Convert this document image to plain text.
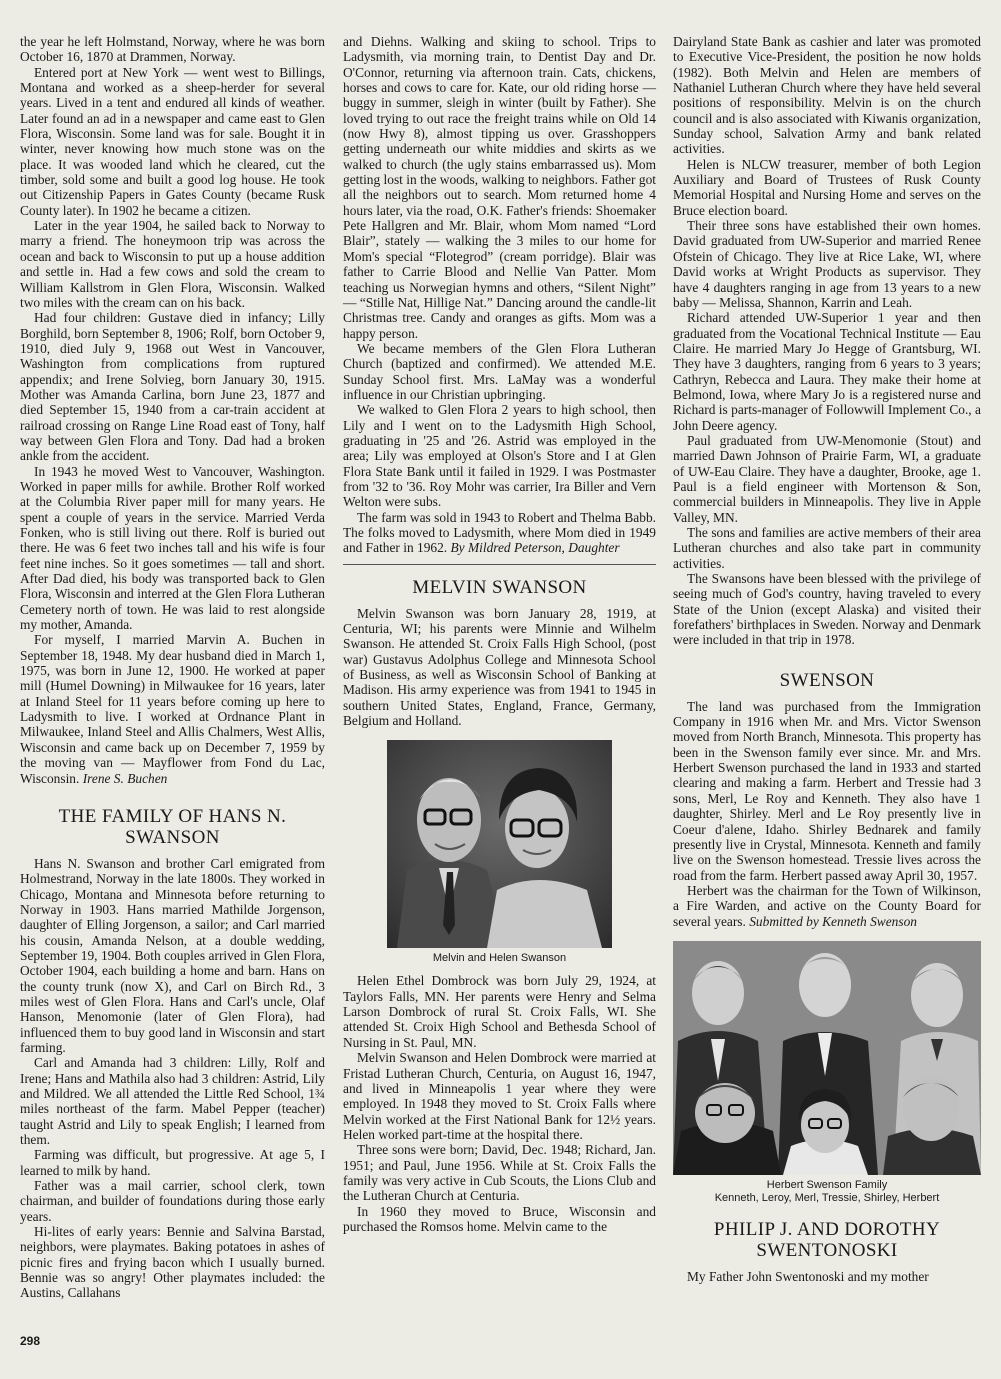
the year he left Holmstand, Norway, where he was born October 16, 1870 at Drammen, Norway.

Entered port at New York — went west to Billings, Montana and worked as a sheep-herder for several years. Lived in a tent and endured all kinds of weather. Later found an ad in a newspaper and came east to Glen Flora, Wisconsin. Some land was for sale. Bought it in winter, never knowing how much stone was on the place. It was wooded land which he cleared, cut the timber, sold some and built a good log house. He took out Citizenship Papers in Gates County (became Rusk County later). In 1902 he became a citizen.

Later in the year 1904, he sailed back to Norway to marry a friend. The honeymoon trip was across the ocean and back to Wisconsin to put up a house addition and settle in. Had a few cows and sold the cream to William Kallstrom in Glen Flora, Wisconsin. Walked two miles with the cream can on his back.

Had four children: Gustave died in infancy; Lilly Borghild, born September 8, 1906; Rolf, born October 9, 1910, died July 9, 1968 out West in Vancouver, Washington from complications from ruptured appendix; and Irene Solvieg, born January 30, 1915. Mother was Amanda Carlina, born June 23, 1877 and died September 15, 1940 from a car-train accident at railroad crossing on Range Line Road east of Tony, half way between Glen Flora and Tony. Dad had a broken ankle from the accident.

In 1943 he moved West to Vancouver, Washington. Worked in paper mills for awhile. Brother Rolf worked at the Columbia River paper mill for many years. He spent a couple of years in the service. Married Verda Fonken, who is still living out there. Rolf is buried out there. He was 6 feet two inches tall and his wife is four feet nine inches. So it goes sometimes — tall and short. After Dad died, his body was transported back to Glen Flora, Wisconsin and interred at the Glen Flora Lutheran Cemetery north of town. He was laid to rest alongside my mother, Amanda.

For myself, I married Marvin A. Buchen in September 18, 1948. My dear husband died in March 1, 1975, was born in June 12, 1900. He worked at paper mill (Humel Downing) in Milwaukee for 16 years, later at Inland Steel for 11 years before coming up here to Ladysmith to live. I worked at Ordnance Plant in Milwaukee, Inland Steel and Allis Chalmers, West Allis, Wisconsin and came back up on December 7, 1959 by the moving van — Mayflower from Fond du Lac, Wisconsin. Irene S. Buchen

THE FAMILY OF HANS N. SWANSON

Hans N. Swanson and brother Carl emigrated from Holmestrand, Norway in the late 1800s. They worked in Chicago, Montana and Minnesota before returning to Norway in 1903. Hans married Mathilde Jorgenson, daughter of Elling Jorgenson, a sailor; and Carl married his cousin, Amanda Nelson, at a double wedding, September 19, 1904. Both couples arrived in Glen Flora, October 1904, each building a home and barn. Hans on the county trunk (now X), and Carl on Birch Rd., 3 miles west of Glen Flora. Hans and Carl's uncle, Olaf Hanson, Menomonie (later of Glen Flora), had influenced them to buy good land in Wisconsin and start farming.

Carl and Amanda had 3 children: Lilly, Rolf and Irene; Hans and Mathila also had 3 children: Astrid, Lily and Mildred. We all attended the Little Red School, 1¾ miles northeast of the farm. Mabel Pepper (teacher) taught Astrid and Lily to speak English; I learned from them.

Farming was difficult, but progressive. At age 5, I learned to milk by hand.

Father was a mail carrier, school clerk, town chairman, and builder of foundations during those early years.

Hi-lites of early years: Bennie and Salvina Barstad, neighbors, were playmates. Baking potatoes in ashes of picnic fires and frying bacon which I usually burned. Bennie was so angry! Other playmates included: the Austins, Callahans

and Diehns. Walking and skiing to school. Trips to Ladysmith, via morning train, to Dentist Day and Dr. O'Connor, returning via afternoon train. Cats, chickens, horses and cows to care for. Kate, our old riding horse — buggy in summer, sleigh in winter (built by Father). She loved trying to out race the freight trains while on Old 14 (now Hwy 8), almost tipping us over. Grasshoppers getting underneath our white middies and skirts as we walked to church (the ugly stains embarrassed us). Mom getting lost in the woods, walking to neighbors. Father got all the neighbors out to search. Mom returned home 4 hours later, via the road, O.K. Father's friends: Shoemaker Pete Hallgren and Mr. Blair, whom Mom named “Lord Blair”, stately — walking the 3 miles to our home for Mom's special “Flotegrod” (cream porridge). Blair was father to Carrie Blood and Nellie Van Patter. Mom teaching us Norwegian hymns and others, “Silent Night” — “Stille Nat, Hillige Nat.” Dancing around the candle-lit Christmas tree. Candy and oranges as gifts. Mom was a happy person.

We became members of the Glen Flora Lutheran Church (baptized and confirmed). We attended M.E. Sunday School first. Mrs. LaMay was a wonderful influence in our Christian upbringing.

We walked to Glen Flora 2 years to high school, then Lily and I went on to the Ladysmith High School, graduating in '25 and '26. Astrid was employed in the area; Lily was employed at Olson's Store and I at Glen Flora State Bank until it failed in 1929. I was Postmaster from '32 to '36. Roy Mohr was carrier, Ira Biller and Vern Welton were subs.

The farm was sold in 1943 to Robert and Thelma Babb. The folks moved to Ladysmith, where Mom died in 1949 and Father in 1962. By Mildred Peterson, Daughter

MELVIN SWANSON

Melvin Swanson was born January 28, 1919, at Centuria, WI; his parents were Minnie and Wilhelm Swanson. He attended St. Croix Falls High School, (post war) Gustavus Adolphus College and Minnesota School of Business, as well as Wisconsin School of Banking at Madison. His army experience was from 1941 to 1945 in southern United States, England, France, Germany, Belgium and Holland.

Melvin and Helen Swanson

Helen Ethel Dombrock was born July 29, 1924, at Taylors Falls, MN. Her parents were Henry and Selma Larson Dombrock of rural St. Croix Falls, WI. She attended St. Croix High School and Bethesda School of Nursing in St. Paul, MN.

Melvin Swanson and Helen Dombrock were married at Fristad Lutheran Church, Centuria, on August 16, 1947, and lived in Minneapolis 1 year where they were employed. In 1948 they moved to St. Croix Falls where Melvin worked at the First National Bank for 12½ years. Helen worked part-time at the hospital there.

Three sons were born; David, Dec. 1948; Richard, Jan. 1951; and Paul, June 1956. While at St. Croix Falls the family was very active in Cub Scouts, the Lions Club and the Lutheran Church at Centuria.

In 1960 they moved to Bruce, Wisconsin and purchased the Romsos home. Melvin came to the

Dairyland State Bank as cashier and later was promoted to Executive Vice-President, the position he now holds (1982). Both Melvin and Helen are members of Nathaniel Lutheran Church where they have held several positions of responsibility. Melvin is on the church council and is also associated with Kiwanis organization, Sunday school, Salvation Army and bank related activities.

Helen is NLCW treasurer, member of both Legion Auxiliary and Board of Trustees of Rusk County Memorial Hospital and Nursing Home and serves on the Bruce election board.

Their three sons have established their own homes. David graduated from UW-Superior and married Renee Ofstein of Chicago. They live at Rice Lake, WI, where David works at Wright Products as supervisor. They have 4 daughters ranging in age from 13 years to a new baby — Melissa, Shannon, Karrin and Leah.

Richard attended UW-Superior 1 year and then graduated from the Vocational Technical Institute — Eau Claire. He married Mary Jo Hegge of Grantsburg, WI. They have 3 daughters, ranging from 6 years to 3 years; Cathryn, Rebecca and Laura. They make their home at Belmond, Iowa, where Mary Jo is a registered nurse and Richard is parts-manager of Followwill Implement Co., a John Deere agency.

Paul graduated from UW-Menomonie (Stout) and married Dawn Johnson of Prairie Farm, WI, a graduate of UW-Eau Claire. They have a daughter, Brooke, age 1. Paul is a field engineer with Mortenson & Son, commercial builders in Minneapolis. They live in Apple Valley, MN.

The sons and families are active members of their area Lutheran churches and also take part in community activities.

The Swansons have been blessed with the privilege of seeing much of God's country, having traveled to every State of the Union (except Alaska) and visited their forefathers' birthplaces in Sweden. Norway and Denmark were included in that trip in 1978.

SWENSON

The land was purchased from the Immigration Company in 1916 when Mr. and Mrs. Victor Swenson moved from North Branch, Minnesota. This property has been in the Swenson family ever since. Mr. and Mrs. Herbert Swenson purchased the land in 1933 and started clearing and making a farm. Herbert and Tressie had 3 sons, Merl, Le Roy and Kenneth. They also have 1 daughter, Shirley. Merl and Le Roy presently live in Coeur d'alene, Idaho. Shirley Bednarek and family presently live in Crystal, Minnesota. Kenneth and family live on the Swenson homestead. Tressie lives across the road from the farm. Herbert passed away April 30, 1957.

Herbert was the chairman for the Town of Wilkinson, a Fire Warden, and active on the County Board for several years. Submitted by Kenneth Swenson

Herbert Swenson Family
Kenneth, Leroy, Merl, Tressie, Shirley, Herbert
PHILIP J. AND DOROTHY SWENTONOSKI

My Father John Swentonoski and my mother

298
